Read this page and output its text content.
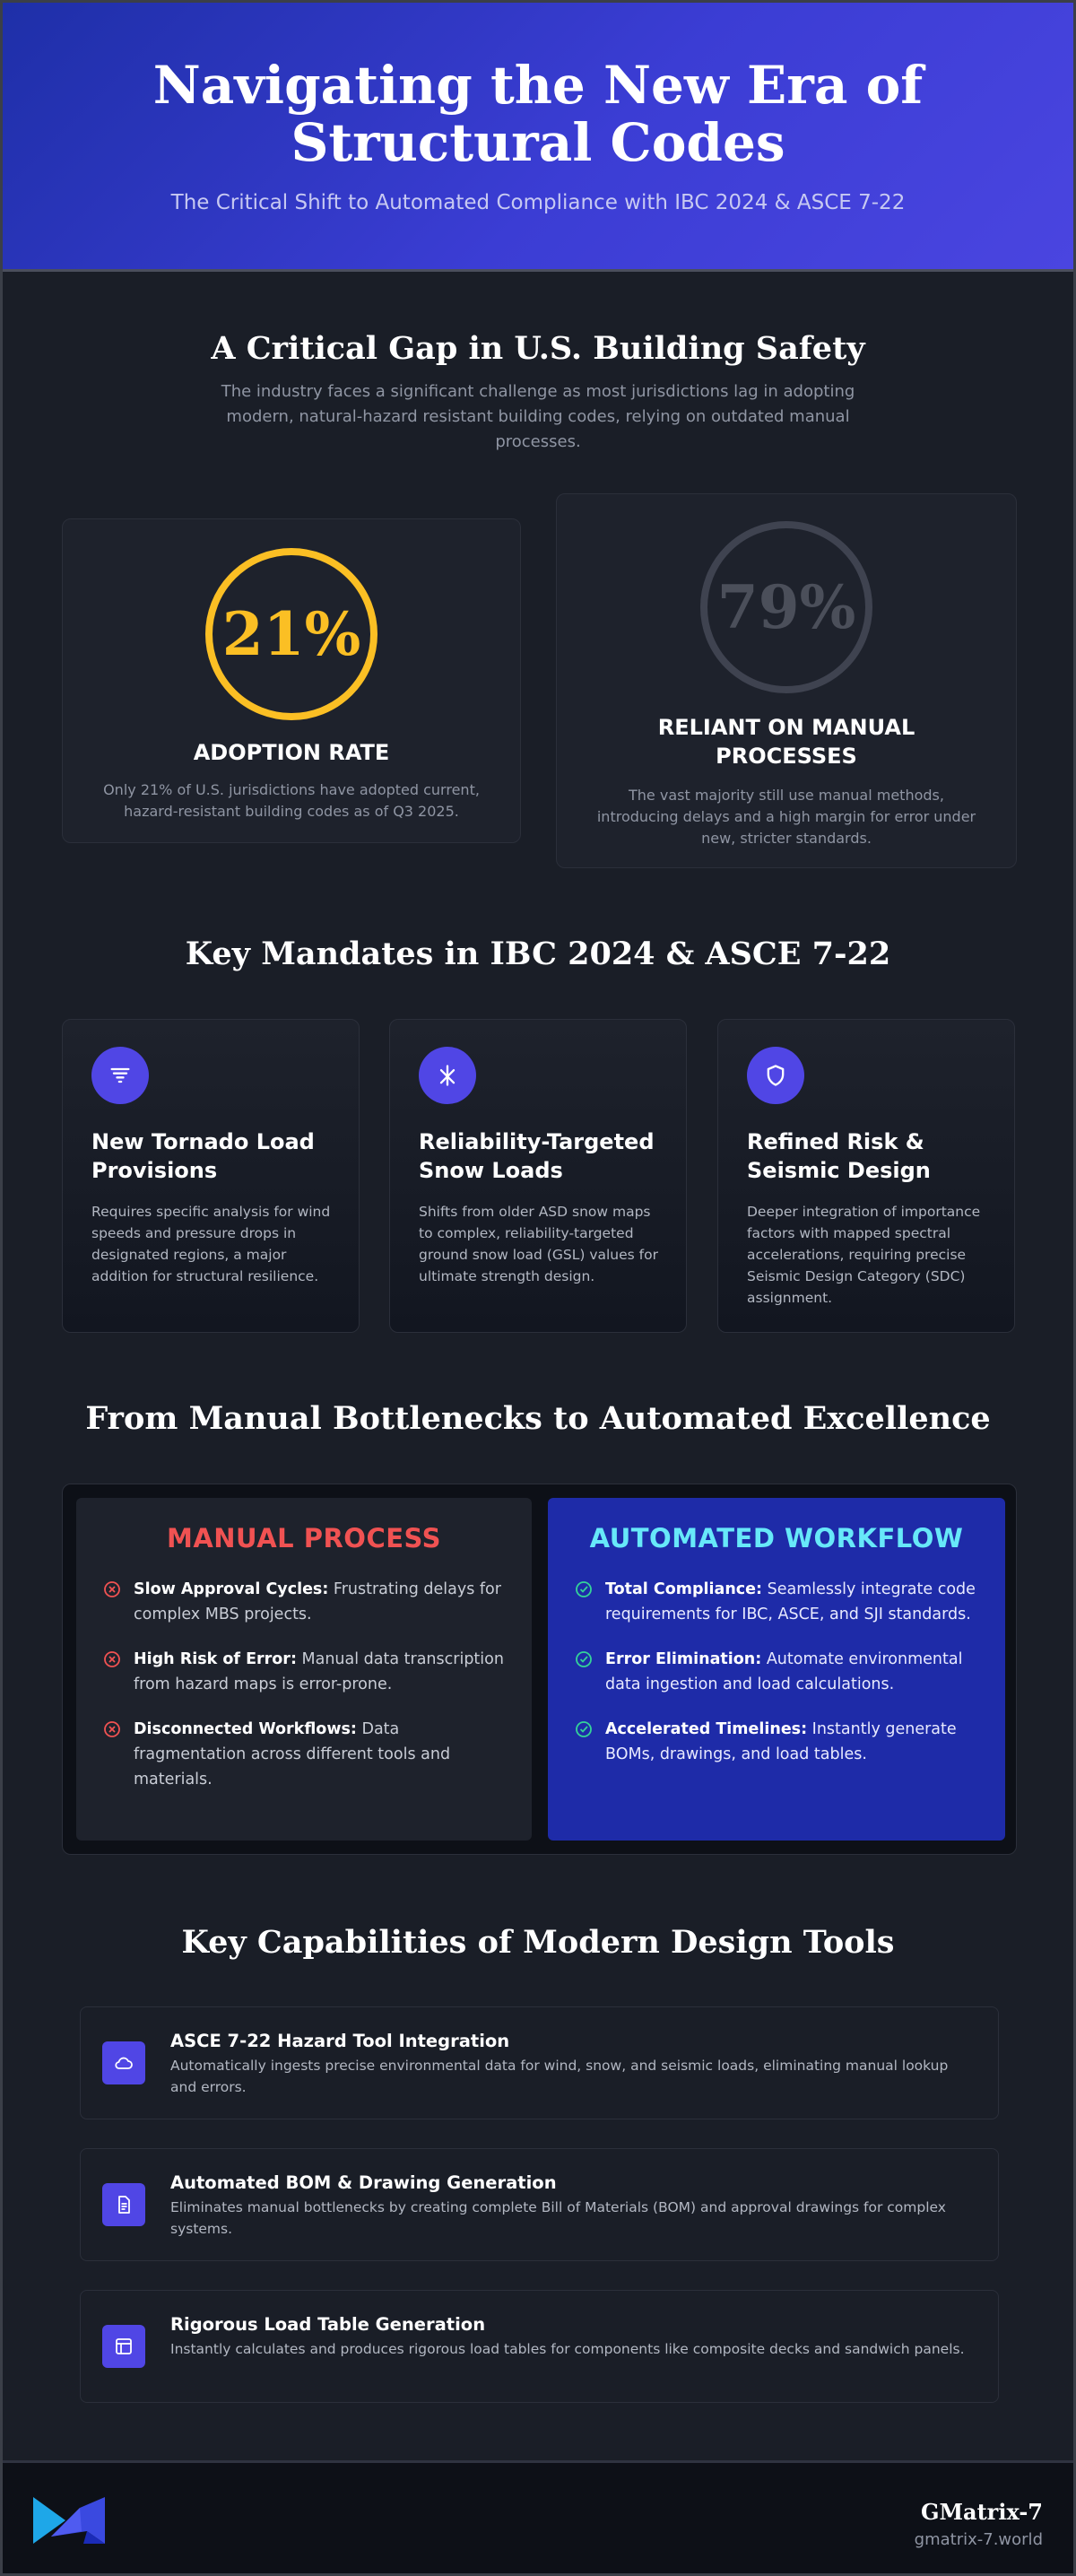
Navigating the New Era of Structural Codes

The Critical Shift to Automated Compliance with IBC 2024 & ASCE 7-22

A Critical Gap in U.S. Building Safety

The industry faces a significant challenge as most jurisdictions lag in adopting modern, natural-hazard resistant building codes, relying on outdated manual processes.

21%
ADOPTION RATE
Only 21% of U.S. jurisdictions have adopted current, hazard-resistant building codes as of Q3 2025.
79%
RELIANT ON MANUAL PROCESSES
The vast majority still use manual methods, introducing delays and a high margin for error under new, stricter standards.
Key Mandates in IBC 2024 & ASCE 7-22
New Tornado Load Provisions

Requires specific analysis for wind speeds and pressure drops in designated regions, a major addition for structural resilience.

Reliability-Targeted Snow Loads

Shifts from older ASD snow maps to complex, reliability-targeted ground snow load (GSL) values for ultimate strength design.

Refined Risk & Seismic Design

Deeper integration of importance factors with mapped spectral accelerations, requiring precise Seismic Design Category (SDC) assignment.

From Manual Bottlenecks to Automated Excellence
MANUAL PROCESS
Slow Approval Cycles: Frustrating delays for complex MBS projects.
High Risk of Error: Manual data transcription from hazard maps is error-prone.
Disconnected Workflows: Data fragmentation across different tools and materials.
AUTOMATED WORKFLOW
Total Compliance: Seamlessly integrate code requirements for IBC, ASCE, and SJI standards.
Error Elimination: Automate environmental data ingestion and load calculations.
Accelerated Timelines: Instantly generate BOMs, drawings, and load tables.
Key Capabilities of Modern Design Tools
ASCE 7-22 Hazard Tool Integration

Automatically ingests precise environmental data for wind, snow, and seismic loads, eliminating manual lookup and errors.

Automated BOM & Drawing Generation

Eliminates manual bottlenecks by creating complete Bill of Materials (BOM) and approval drawings for complex systems.

Rigorous Load Table Generation

Instantly calculates and produces rigorous load tables for components like composite decks and sandwich panels.

GMatrix-7
gmatrix-7.world
